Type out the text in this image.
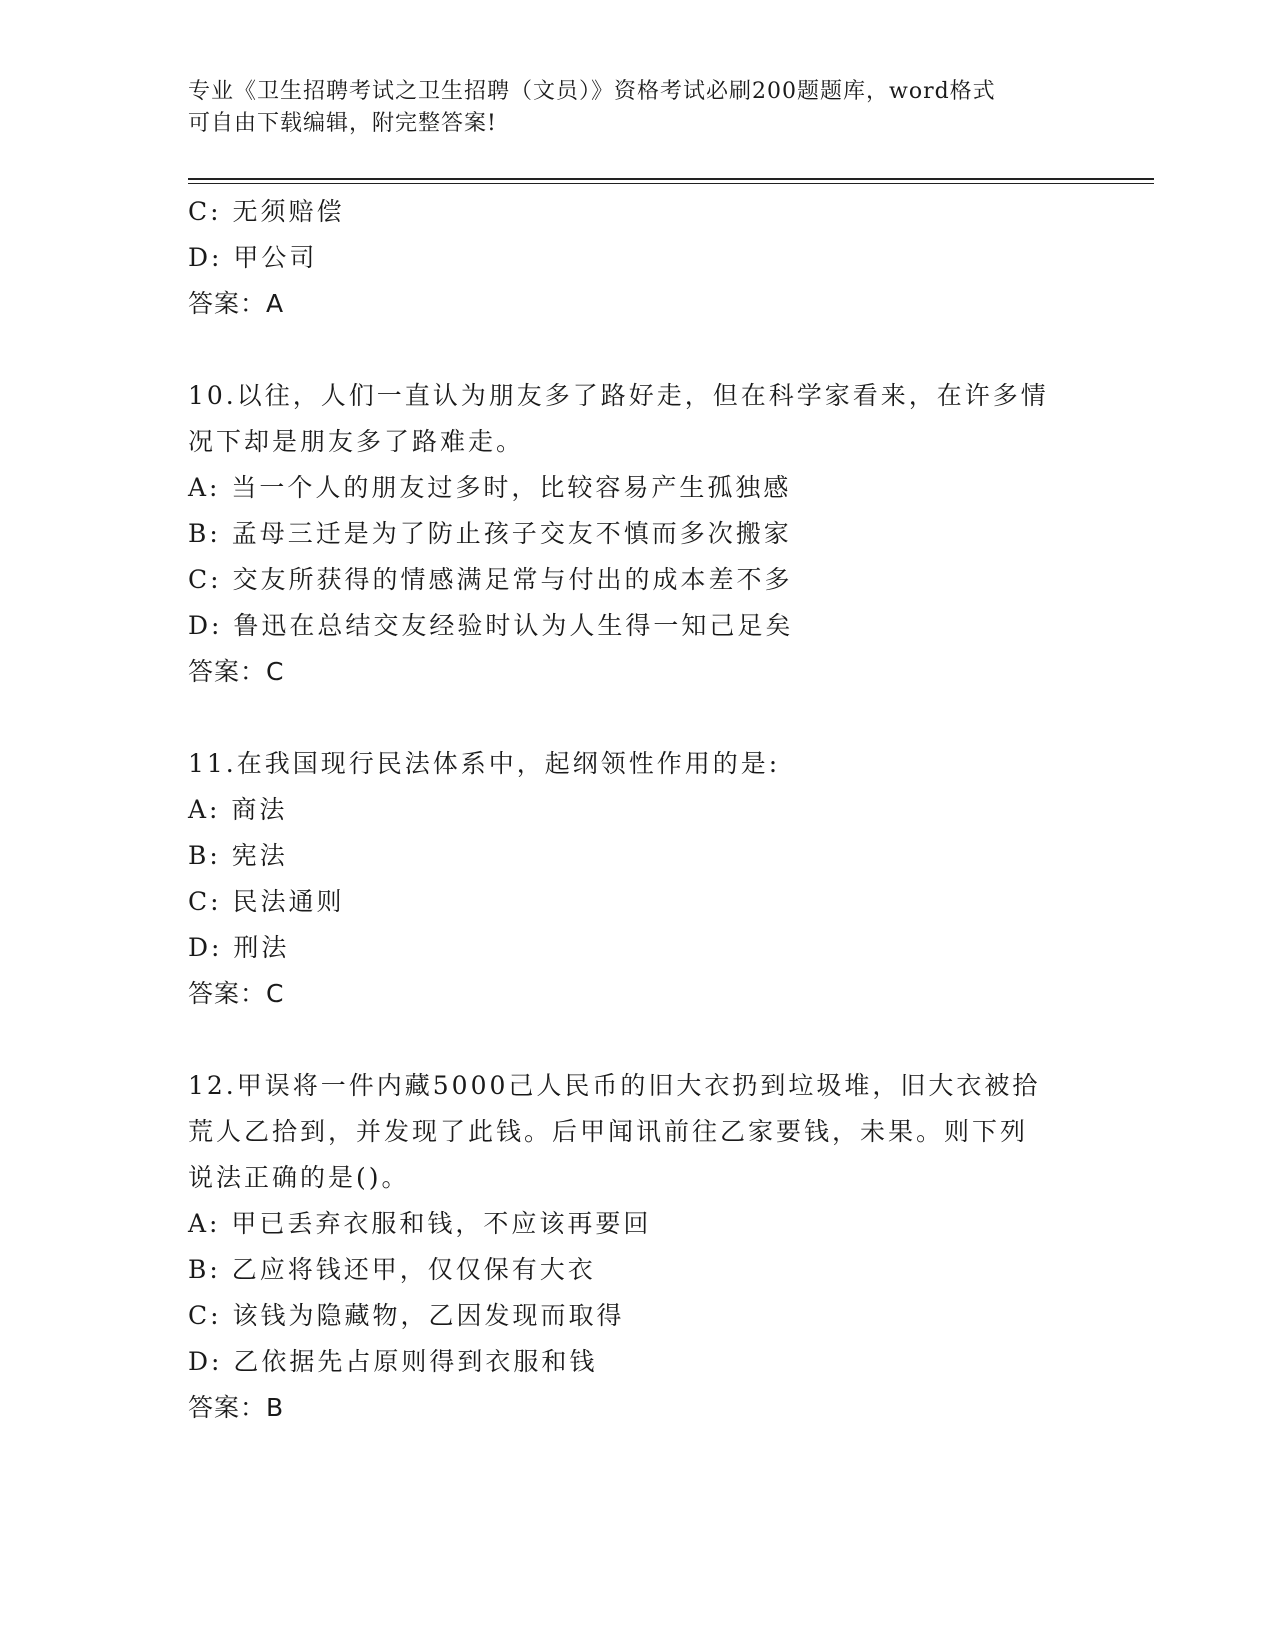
专业《卫生招聘考试之卫生招聘（文员）》资格考试必刷200题题库，word格式
可自由下载编辑，附完整答案!
C: 无须赔偿
D: 甲公司
答案：A
10.以往，人们一直认为朋友多了路好走，但在科学家看来，在许多情
况下却是朋友多了路难走。
A: 当一个人的朋友过多时，比较容易产生孤独感
B: 孟母三迁是为了防止孩子交友不慎而多次搬家
C: 交友所获得的情感满足常与付出的成本差不多
D: 鲁迅在总结交友经验时认为人生得一知己足矣
答案：C
11.在我国现行民法体系中，起纲领性作用的是:
A: 商法
B: 宪法
C: 民法通则
D: 刑法
答案：C
12.甲误将一件内藏5000己人民币的旧大衣扔到垃圾堆，旧大衣被拾
荒人乙拾到，并发现了此钱。后甲闻讯前往乙家要钱，未果。则下列
说法正确的是()。
A: 甲已丢弃衣服和钱，不应该再要回
B: 乙应将钱还甲，仅仅保有大衣
C: 该钱为隐藏物，乙因发现而取得
D: 乙依据先占原则得到衣服和钱
答案：B
